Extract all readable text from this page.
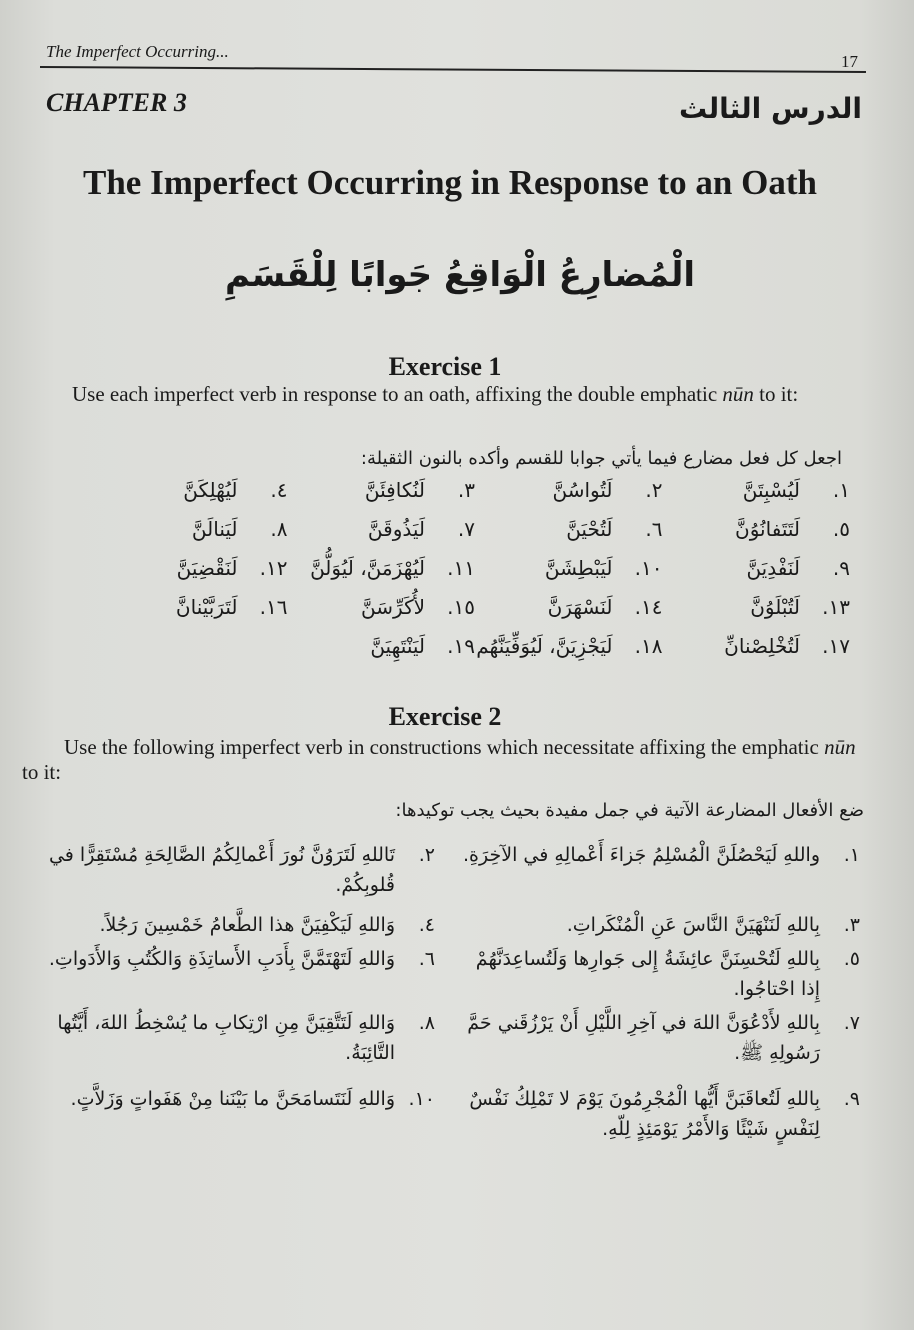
The Imperfect Occurring...
17
CHAPTER 3	الدرس الثالث
The Imperfect Occurring in Response to an Oath
الْمُضارِعُ الْوَاقِعُ جَوابًا لِلْقَسَمِ
Exercise 1
Use each imperfect verb in response to an oath, affixing the double emphatic nūn to it:
اجعل كل فعل مضارع فيما يأتي جوابا للقسم وأكده بالنون الثقيلة:
١.
لَيُسْبِتَنَّ
٢.
لَتُواسُنَّ
٣.
لَنُكافِئَنَّ
٤.
لَيُهْلِكَنَّ
٥.
لَتَتَفانُوُنَّ
٦.
لَتُحْيَنَّ
٧.
لَيَذُوقَنَّ
٨.
لَيَنالَنَّ
٩.
لَنَفْدِيَنَّ
١٠.
لَيَبْطِشَنَّ
١١.
لَيُهْزَمَنَّ، لَيُوَلُّنَّ
١٢.
لَنَقْضِيَنَّ
١٣.
لَتُبْلَوُنَّ
١٤.
لَنَسْهَرَنَّ
١٥.
لأُكَرِّسَنَّ
١٦.
لَتَرَبَّيْنانَّ
١٧.
لَتُخْلِصْنانِّ
١٨.
لَيَجْزِيَنَّ، لَيُوَفِّيَنَّهُم
١٩.
لَيَنْتَهِيَنَّ
Exercise 2
Use the following imperfect verb in constructions which necessitate affixing the emphatic nūn to it:
ضع الأفعال المضارعة الآتية في جمل مفيدة بحيث يجب توكيدها:
١.
واللهِ لَيَحْصُلَنَّ الْمُسْلِمُ جَزاءَ أَعْمالِهِ في الآخِرَةِ.
٢.
تَاللهِ لَتَرَوُنَّ نُورَ أَعْمالِكُمُ الصَّالِحَةِ مُسْتَقِرًّا في قُلوبِكُمْ.
٣.
بِاللهِ لَنَنْهَيَنَّ النَّاسَ عَنِ الْمُنْكَراتِ.
٤.
وَاللهِ لَيَكْفِيَنَّ هذا الطَّعامُ خَمْسِينَ رَجُلاً.
٥.
بِاللهِ لَتُحْسِنَنَّ عائِشَةُ إِلى جَوارِها وَلَتُساعِدَنَّهُمْ إِذا احْتاجُوا.
٦.
وَاللهِ لَتَهْتَمَّنَّ بِأَدَبِ الأَساتِذَةِ وَالكُتُبِ وَالأَدَواتِ.
٧.
بِاللهِ لأَدْعُوَنَّ اللهَ في آخِرِ اللَّيْلِ أَنْ يَرْزُقَني حَمَّ رَسُولِهِ ﷺ.
٨.
وَاللهِ لَتَتَّقِيَنَّ مِنِ ارْتِكابِ ما يُسْخِطُ اللهَ، أَيَّتُها التَّائِبَةُ.
٩.
بِاللهِ لَتُعاقَبَنَّ أَيُّها الْمُجْرِمُونَ يَوْمَ لا تَمْلِكُ نَفْسٌ لِنَفْسٍ شَيْئًا وَالأَمْرُ يَوْمَئِذٍ لِلّهِ.
١٠.
وَاللهِ لَنَتَسامَحَنَّ ما بَيْنَنا مِنْ هَفَواتٍ وَزَلاَّتٍ.
